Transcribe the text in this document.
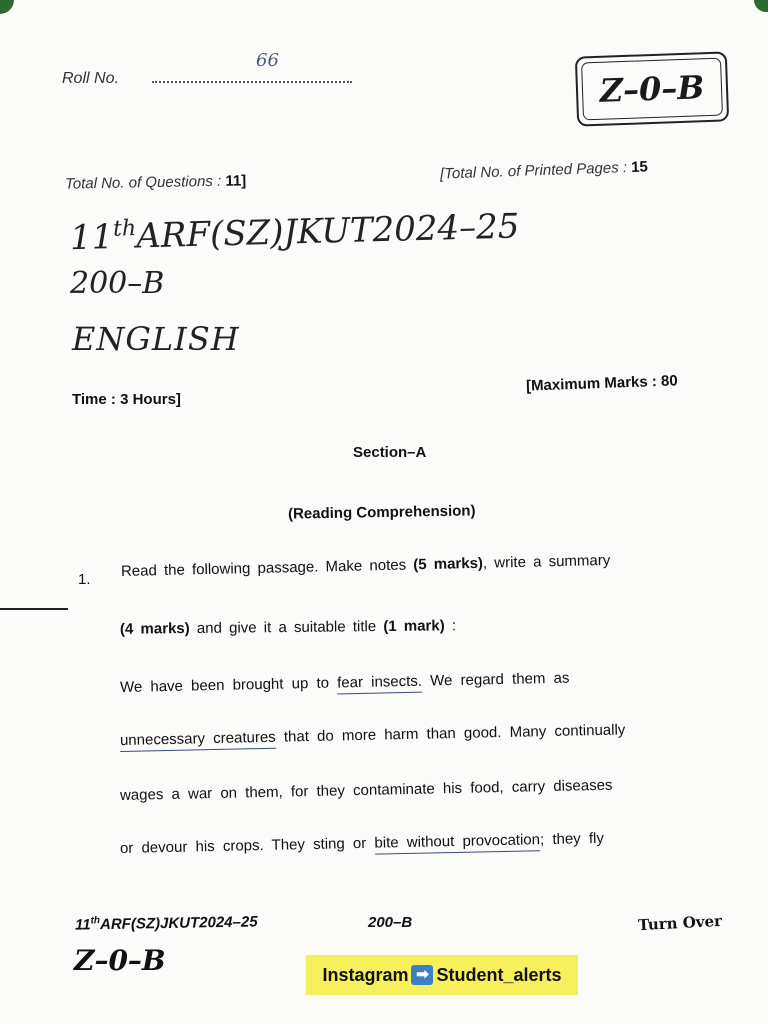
Roll No.
66
Z–0–B
Total No. of Questions : 11]	[Total No. of Printed Pages : 15
11thARF(SZ)JKUT2024–25
200–B
ENGLISH
Time : 3 Hours]
[Maximum Marks : 80
Section–A
(Reading Comprehension)
1. Read the following passage. Make notes (5 marks), write a summary
(4 marks) and give it a suitable title (1 mark) :
We have been brought up to fear insects. We regard them as
unnecessary creatures that do more harm than good. Many continually
wages a war on them, for they contaminate his food, carry diseases
or devour his crops. They sting or bite without provocation; they fly
11thARF(SZ)JKUT2024–25	200–B
Z–0–B
Turn Over
Instagram ➡ Student_alerts
